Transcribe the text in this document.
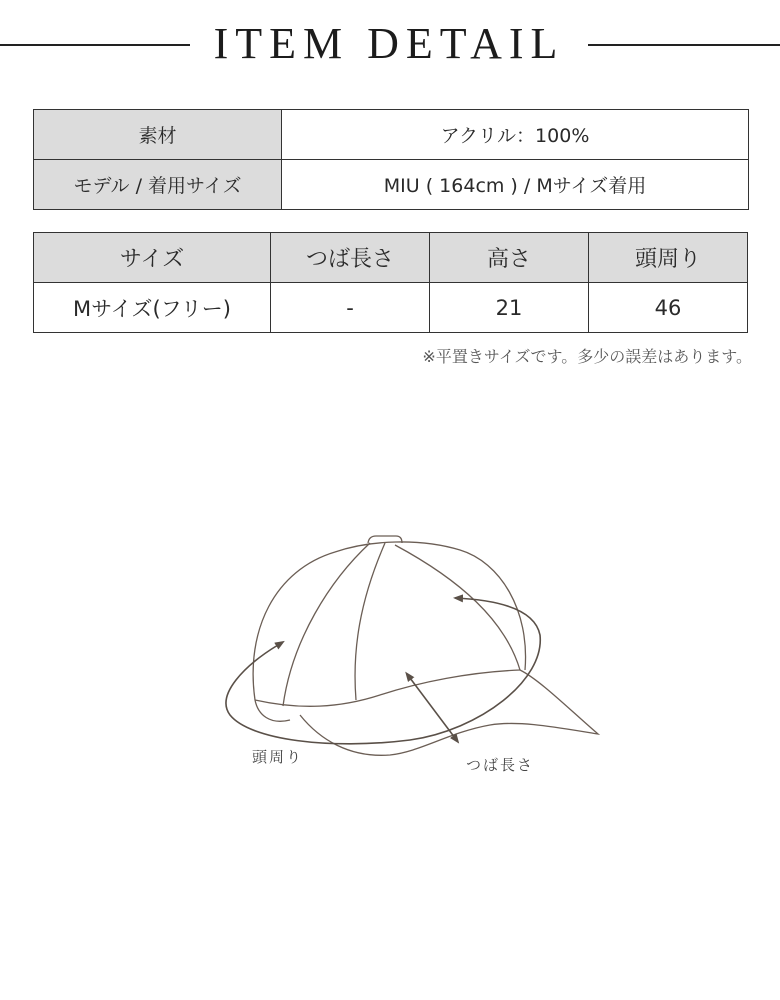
ITEM DETAIL
素材	アクリル：100%
モデル / 着用サイズ	MIU ( 164cm ) / Mサイズ着用
サイズ	つば長さ	高さ	頭周り
Mサイズ(フリー)	-	21	46
※平置きサイズです。多少の誤差はあります。
頭周り	つば長さ
